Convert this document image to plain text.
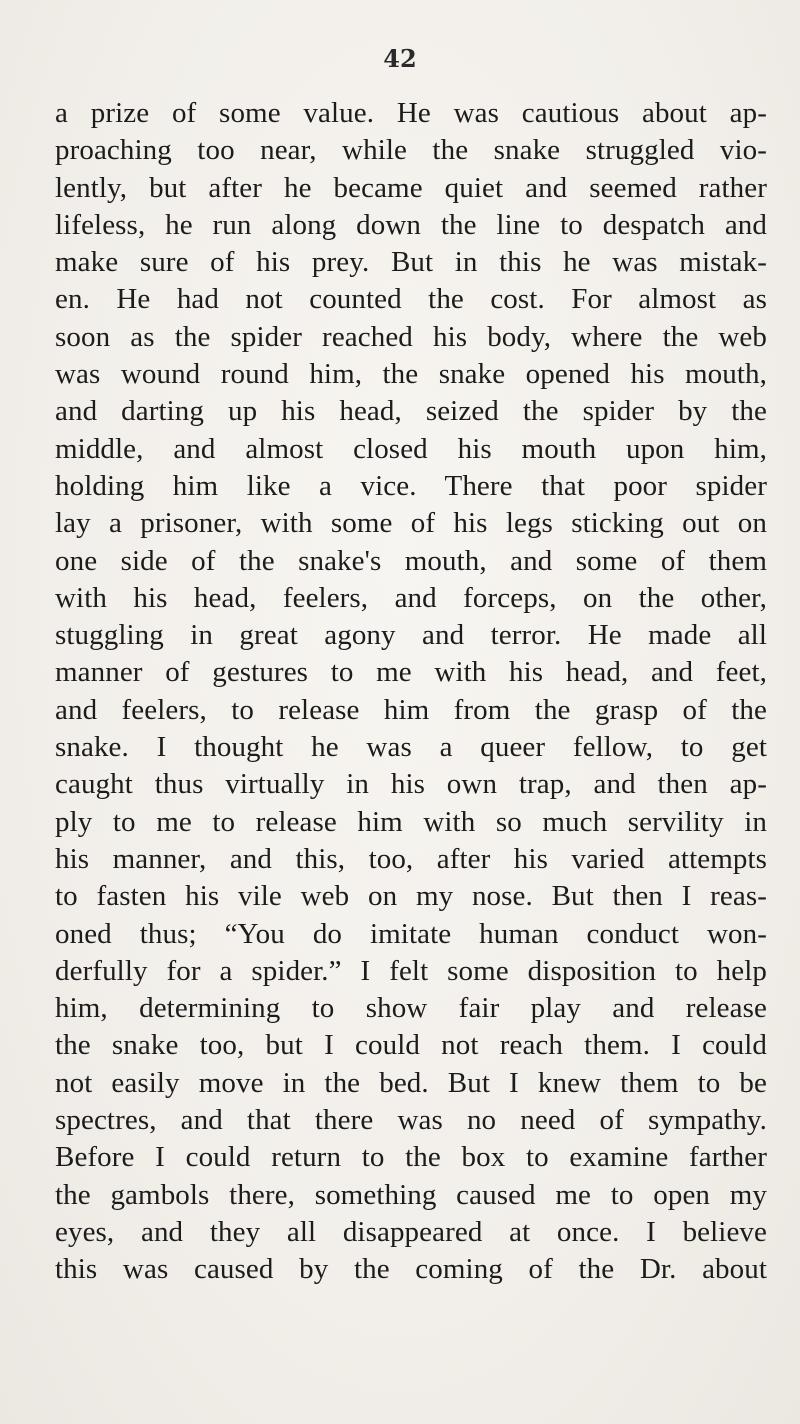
42
a prize of some value. He was cautious about ap-
proaching too near, while the snake struggled vio-
lently, but after he became quiet and seemed rather
lifeless, he run along down the line to despatch and
make sure of his prey. But in this he was mistak-
en. He had not counted the cost. For almost as
soon as the spider reached his body, where the web
was wound round him, the snake opened his mouth,
and darting up his head, seized the spider by the
middle, and almost closed his mouth upon him,
holding him like a vice. There that poor spider
lay a prisoner, with some of his legs sticking out on
one side of the snake's mouth, and some of them
with his head, feelers, and forceps, on the other,
stuggling in great agony and terror. He made all
manner of gestures to me with his head, and feet,
and feelers, to release him from the grasp of the
snake. I thought he was a queer fellow, to get
caught thus virtually in his own trap, and then ap-
ply to me to release him with so much servility in
his manner, and this, too, after his varied attempts
to fasten his vile web on my nose. But then I reas-
oned thus; “You do imitate human conduct won-
derfully for a spider.” I felt some disposition to help
him, determining to show fair play and release
the snake too, but I could not reach them. I could
not easily move in the bed. But I knew them to be
spectres, and that there was no need of sympathy.
Before I could return to the box to examine farther
the gambols there, something caused me to open my
eyes, and they all disappeared at once. I believe
this was caused by the coming of the Dr. about
